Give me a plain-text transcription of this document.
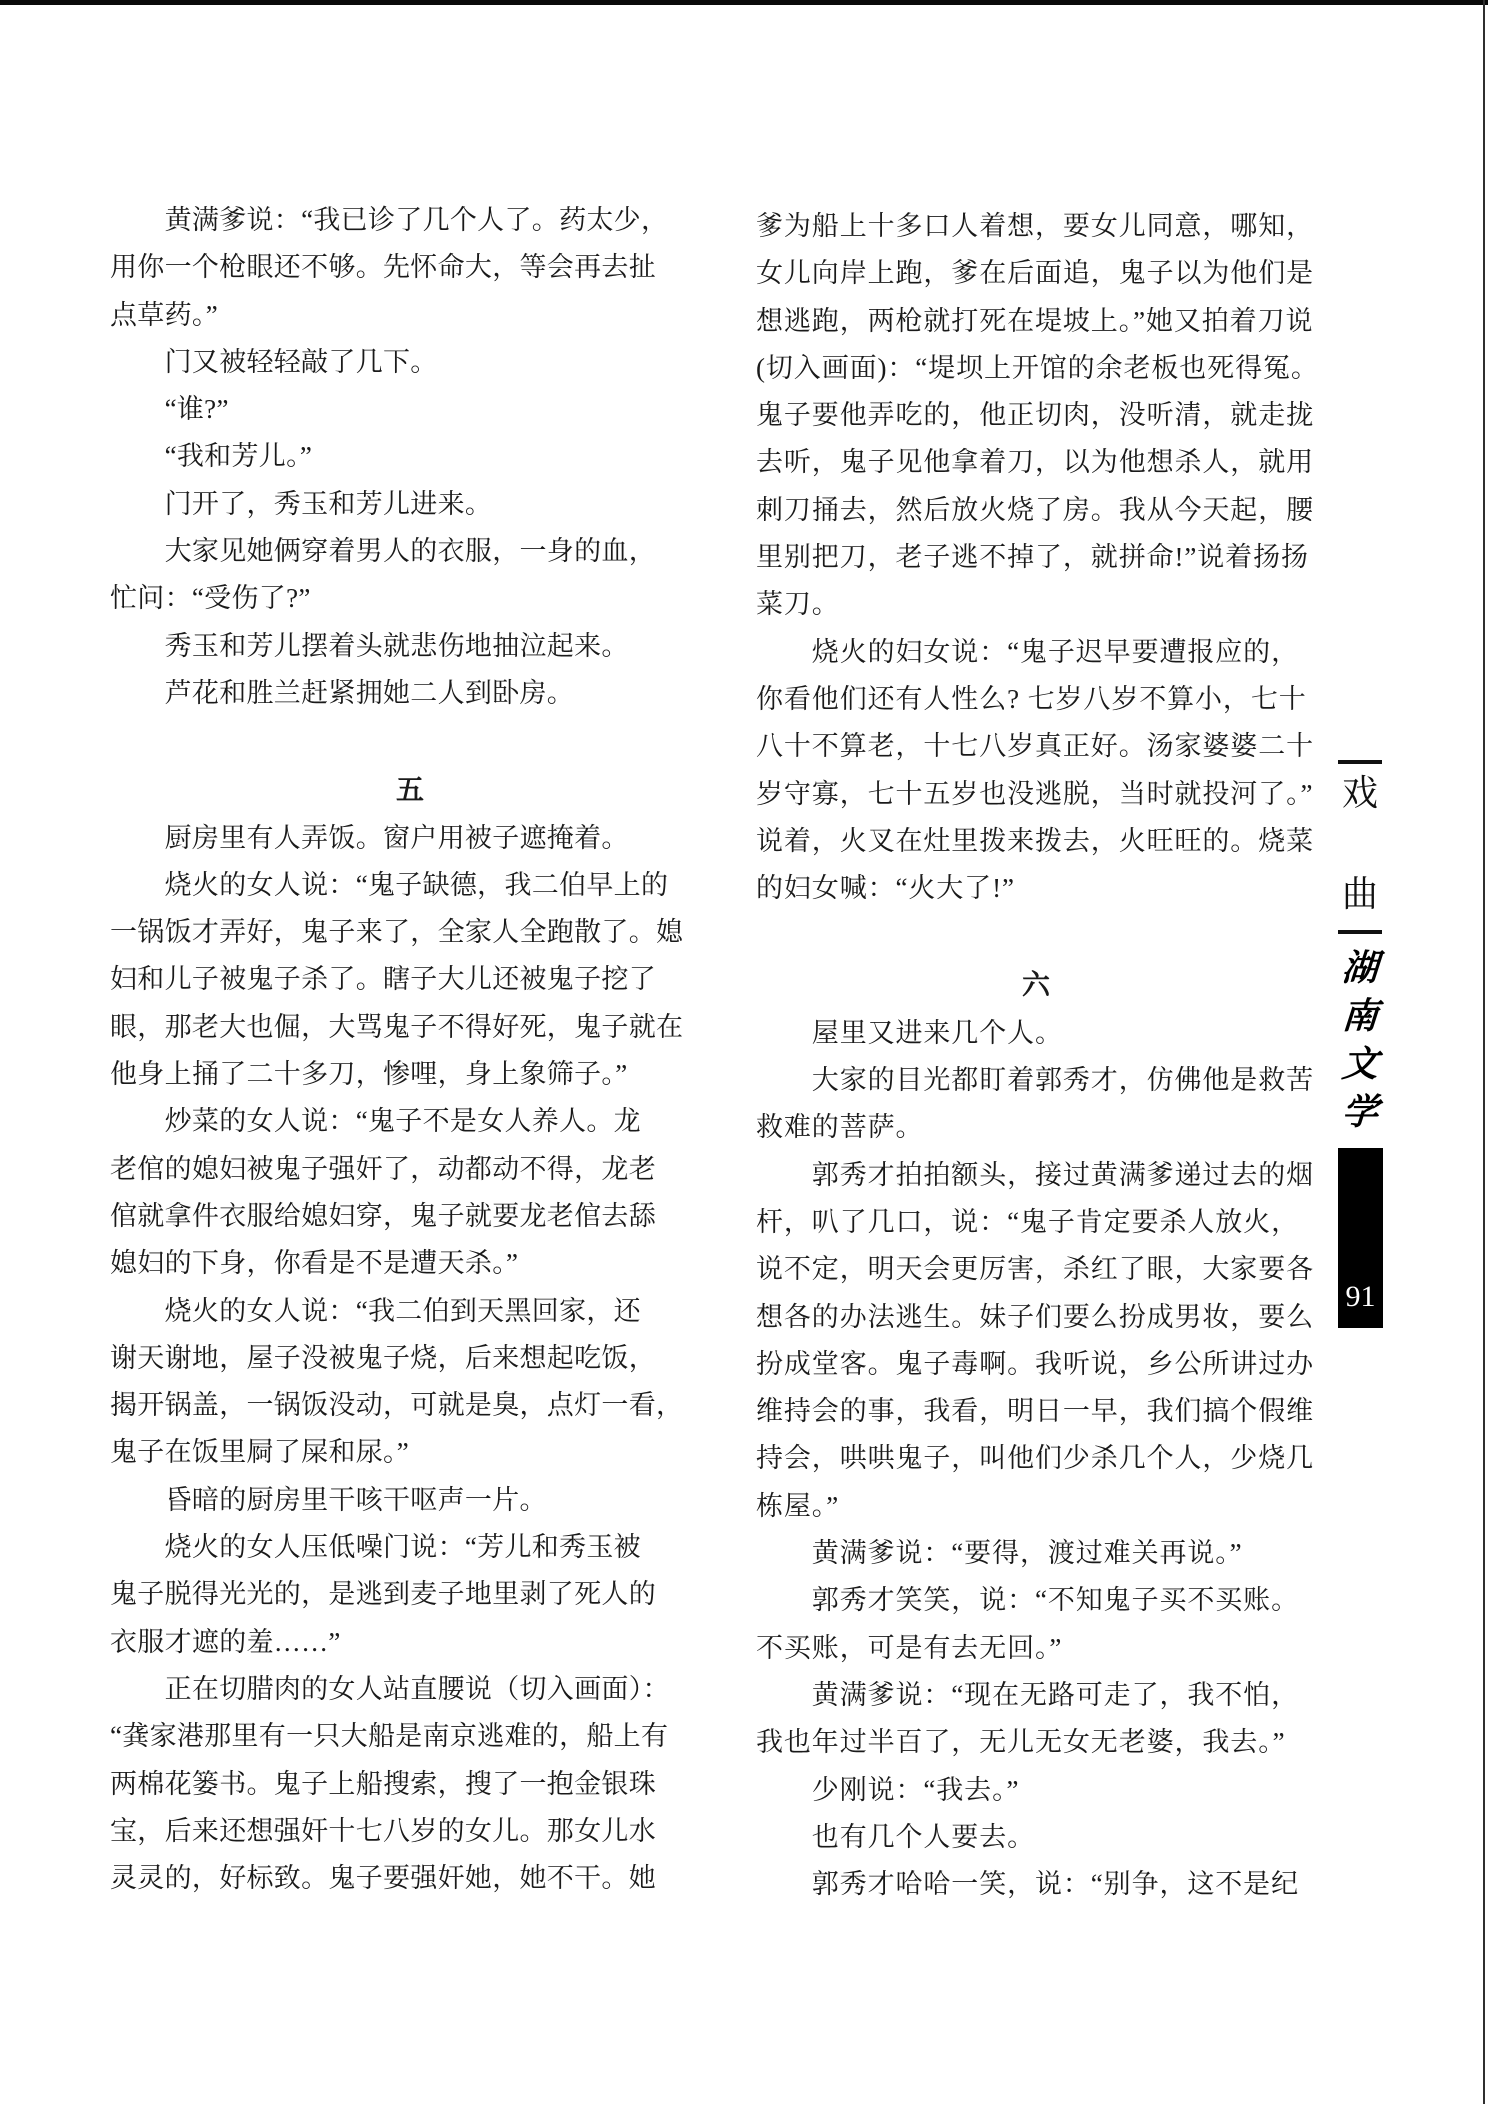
　　黄满爹说：“我已诊了几个人了。药太少，
用你一个枪眼还不够。先怀命大，等会再去扯
点草药。”
　　门又被轻轻敲了几下。
　　“谁?”
　　“我和芳儿。”
　　门开了，秀玉和芳儿进来。
　　大家见她俩穿着男人的衣服，一身的血，
忙问：“受伤了?”
　　秀玉和芳儿摆着头就悲伤地抽泣起来。
　　芦花和胜兰赶紧拥她二人到卧房。
五
　　厨房里有人弄饭。窗户用被子遮掩着。
　　烧火的女人说：“鬼子缺德，我二伯早上的
一锅饭才弄好，鬼子来了，全家人全跑散了。媳
妇和儿子被鬼子杀了。瞎子大儿还被鬼子挖了
眼，那老大也倔，大骂鬼子不得好死，鬼子就在
他身上捅了二十多刀，惨哩，身上象筛子。”
　　炒菜的女人说：“鬼子不是女人养人。龙
老倌的媳妇被鬼子强奸了，动都动不得，龙老
倌就拿件衣服给媳妇穿，鬼子就要龙老倌去舔
媳妇的下身，你看是不是遭天杀。”
　　烧火的女人说：“我二伯到天黑回家，还
谢天谢地，屋子没被鬼子烧，后来想起吃饭，
揭开锅盖，一锅饭没动，可就是臭，点灯一看，
鬼子在饭里屙了屎和尿。”
　　昏暗的厨房里干咳干呕声一片。
　　烧火的女人压低噪门说：“芳儿和秀玉被
鬼子脱得光光的，是逃到麦子地里剥了死人的
衣服才遮的羞……”
　　正在切腊肉的女人站直腰说（切入画面）：
“龚家港那里有一只大船是南京逃难的，船上有
两棉花篓书。鬼子上船搜索，搜了一抱金银珠
宝，后来还想强奸十七八岁的女儿。那女儿水
灵灵的，好标致。鬼子要强奸她，她不干。她
爹为船上十多口人着想，要女儿同意，哪知，
女儿向岸上跑，爹在后面追，鬼子以为他们是
想逃跑，两枪就打死在堤坡上。”她又拍着刀说
(切入画面)：“堤坝上开馆的余老板也死得冤。
鬼子要他弄吃的，他正切肉，没听清，就走拢
去听，鬼子见他拿着刀，以为他想杀人，就用
刺刀捅去，然后放火烧了房。我从今天起，腰
里别把刀，老子逃不掉了，就拼命!”说着扬扬
菜刀。
　　烧火的妇女说：“鬼子迟早要遭报应的，
你看他们还有人性么? 七岁八岁不算小，七十
八十不算老，十七八岁真正好。汤家婆婆二十
岁守寡，七十五岁也没逃脱，当时就投河了。”
说着，火叉在灶里拨来拨去，火旺旺的。烧菜
的妇女喊：“火大了!”
六
　　屋里又进来几个人。
　　大家的目光都盯着郭秀才，仿佛他是救苦
救难的菩萨。
　　郭秀才拍拍额头，接过黄满爹递过去的烟
杆，叭了几口，说：“鬼子肯定要杀人放火，
说不定，明天会更厉害，杀红了眼，大家要各
想各的办法逃生。妹子们要么扮成男妆，要么
扮成堂客。鬼子毒啊。我听说，乡公所讲过办
维持会的事，我看，明日一早，我们搞个假维
持会，哄哄鬼子，叫他们少杀几个人，少烧几
栋屋。”
　　黄满爹说：“要得，渡过难关再说。”
　　郭秀才笑笑，说：“不知鬼子买不买账。
不买账，可是有去无回。”
　　黄满爹说：“现在无路可走了，我不怕，
我也年过半百了，无儿无女无老婆，我去。”
　　少刚说：“我去。”
　　也有几个人要去。
　　郭秀才哈哈一笑，说：“别争，这不是纪
戏
曲
湖
南
文
学
91
